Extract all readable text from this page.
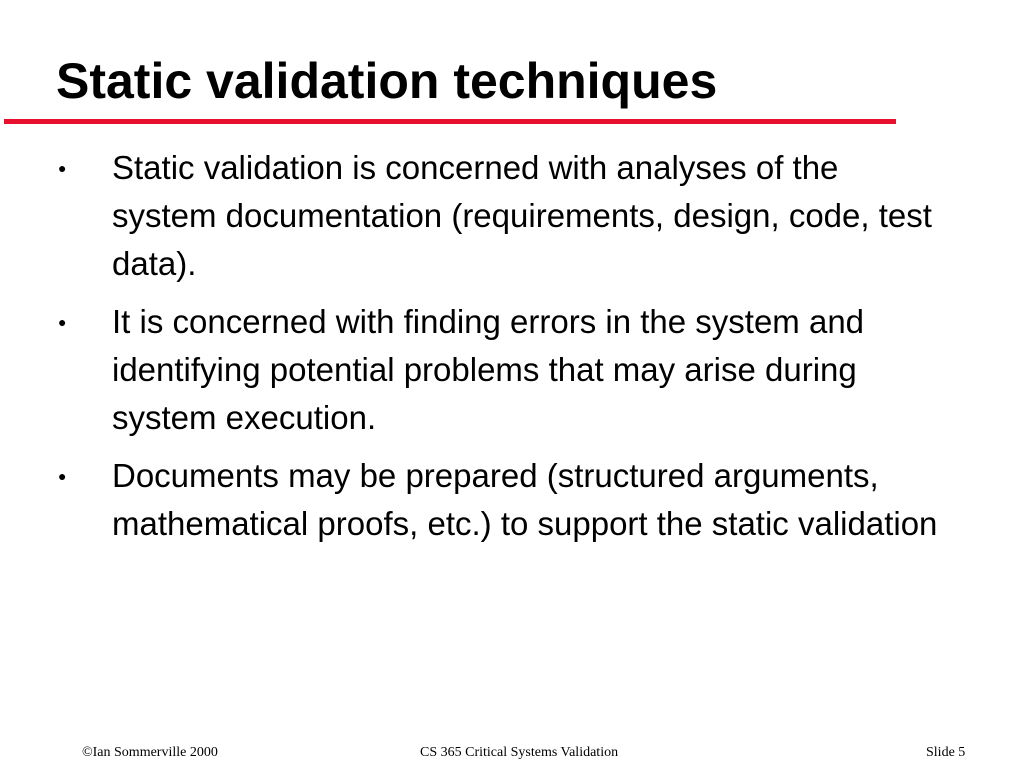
Static validation techniques
●	Static validation is concerned with analyses of the system documentation (requirements, design, code, test data).
●	It is concerned with finding errors in the system and identifying potential problems that may arise during system execution.
●	Documents may be prepared (structured arguments, mathematical proofs, etc.) to support the static validation
©Ian Sommerville 2000	CS 365 Critical Systems Validation	Slide 5
